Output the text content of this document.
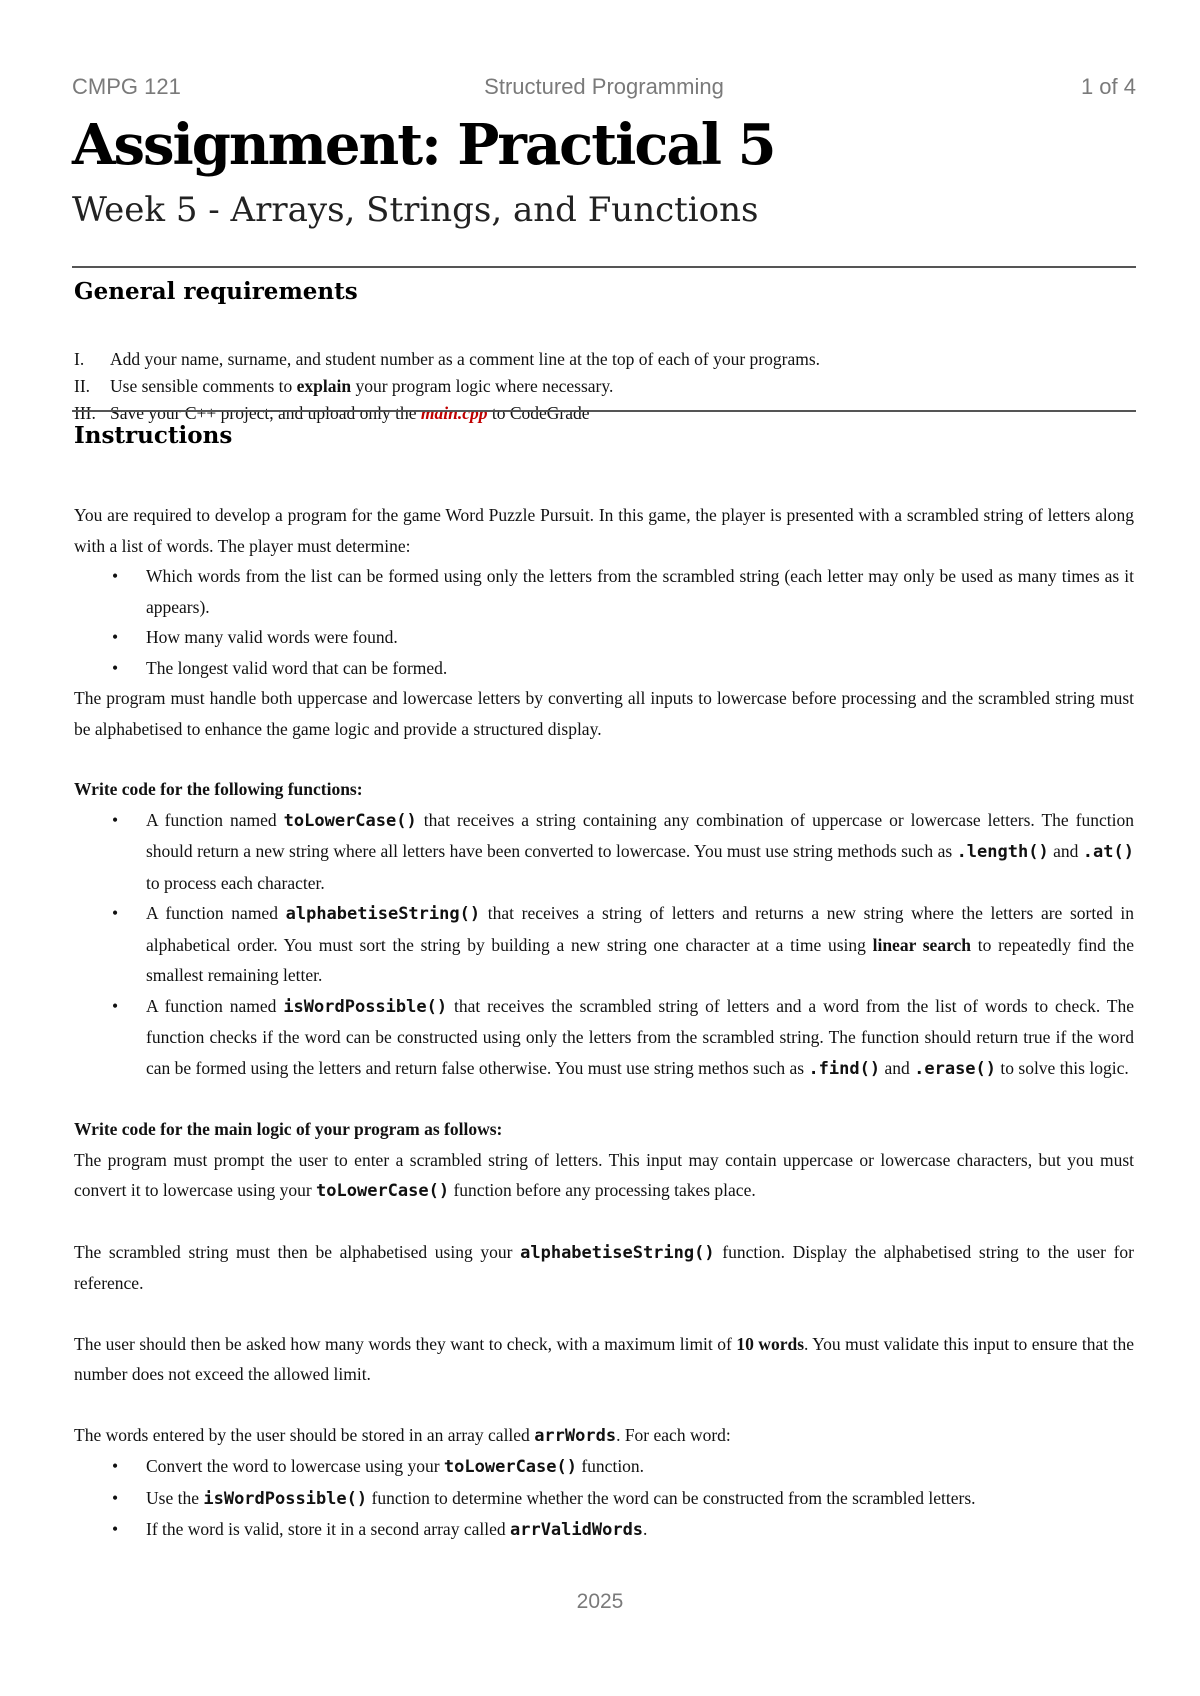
CMPG 121	Structured Programming	1 of 4
Assignment: Practical 5
Week 5 - Arrays, Strings, and Functions
General requirements
I.	Add your name, surname, and student number as a comment line at the top of each of your programs.
II.	Use sensible comments to explain your program logic where necessary.
III. Save your C++ project, and upload only the main.cpp to CodeGrade
Instructions

You are required to develop a program for the game Word Puzzle Pursuit. In this game, the player is presented with a scrambled string of letters along with a list of words. The player must determine:

• Which words from the list can be formed using only the letters from the scrambled string (each letter may only be used as many times as it appears).
• How many valid words were found.
• The longest valid word that can be formed.

The program must handle both uppercase and lowercase letters by converting all inputs to lowercase before processing and the scrambled string must be alphabetised to enhance the game logic and provide a structured display.

Write code for the following functions:
• A function named toLowerCase() that receives a string containing any combination of uppercase or lowercase letters. The function should return a new string where all letters have been converted to lowercase. You must use string methods such as .length() and .at() to process each character.
• A function named alphabetiseString() that receives a string of letters and returns a new string where the letters are sorted in alphabetical order. You must sort the string by building a new string one character at a time using linear search to repeatedly find the smallest remaining letter.
• A function named isWordPossible() that receives the scrambled string of letters and a word from the list of words to check. The function checks if the word can be constructed using only the letters from the scrambled string. The function should return true if the word can be formed using the letters and return false otherwise. You must use string methos such as .find() and .erase() to solve this logic.
Write code for the main logic of your program as follows:

The program must prompt the user to enter a scrambled string of letters. This input may contain uppercase or lowercase characters, but you must convert it to lowercase using your toLowerCase() function before any processing takes place.

The scrambled string must then be alphabetised using your alphabetiseString() function. Display the alphabetised string to the user for reference.

The user should then be asked how many words they want to check, with a maximum limit of 10 words. You must validate this input to ensure that the number does not exceed the allowed limit.

The words entered by the user should be stored in an array called arrWords. For each word:

• Convert the word to lowercase using your toLowerCase() function.
• Use the isWordPossible() function to determine whether the word can be constructed from the scrambled letters.
• If the word is valid, store it in a second array called arrValidWords.
2025
